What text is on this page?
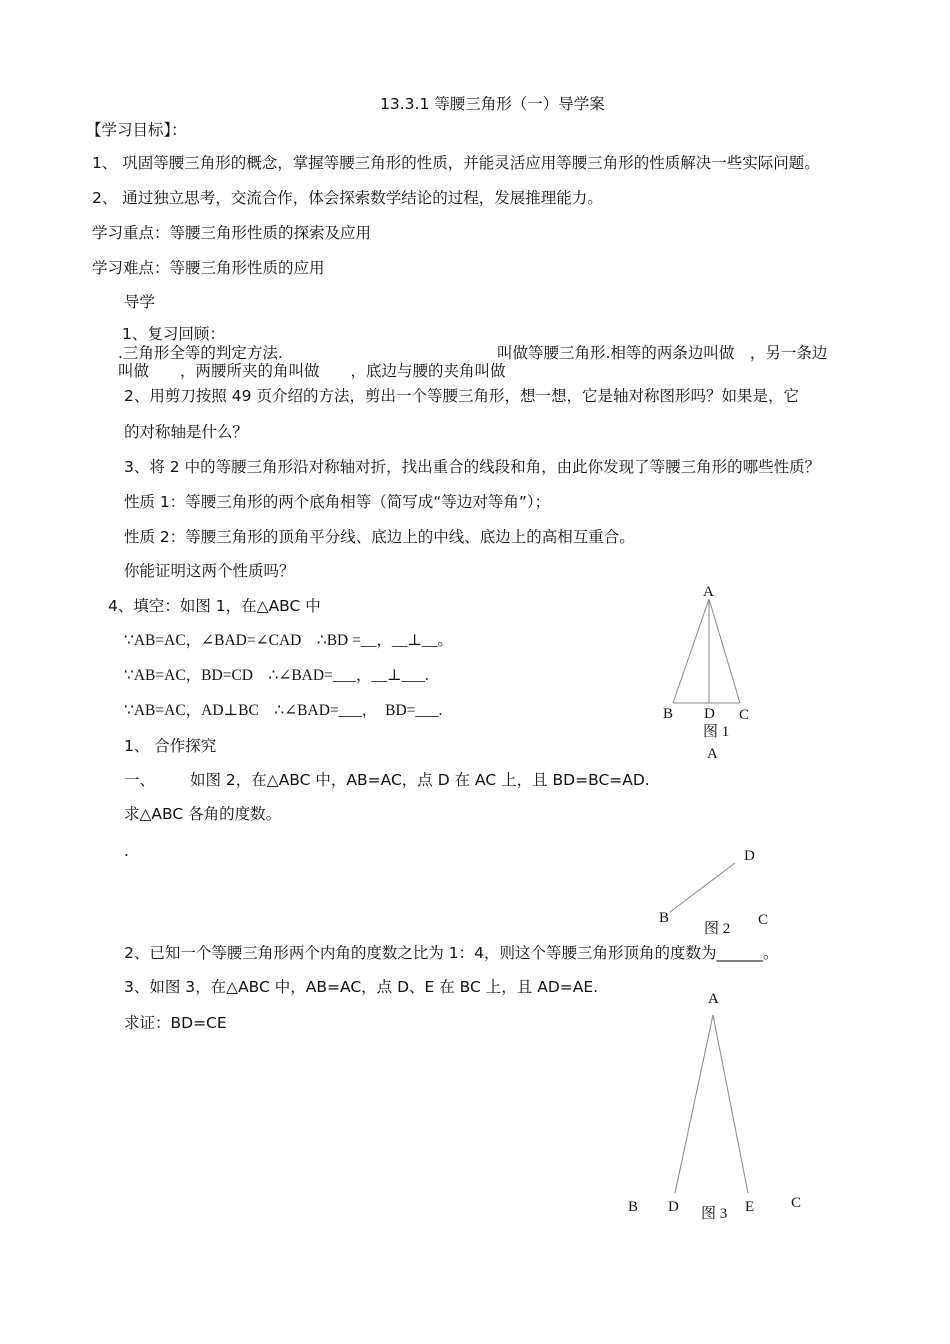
13.3.1 等腰三角形（一）导学案
【学习目标】：
1、 巩固等腰三角形的概念，掌握等腰三角形的性质，并能灵活应用等腰三角形的性质解决一些实际问题。
2、 通过独立思考，交流合作，体会探索数学结论的过程，发展推理能力。
学习重点：等腰三角形性质的探索及应用
学习难点：等腰三角形性质的应用
导学
1、复习回顾：
.三角形全等的判定方法.	叫做等腰三角形.相等的两条边叫做　，另一条边
叫做　　，两腰所夹的角叫做　　，底边与腰的夹角叫做
2、用剪刀按照 49 页介绍的方法，剪出一个等腰三角形，想一想，它是轴对称图形吗？如果是，它
的对称轴是什么？
3、将 2 中的等腰三角形沿对称轴对折，找出重合的线段和角，由此你发现了等腰三角形的哪些性质？
性质 1：等腰三角形的两个底角相等（简写成“等边对等角”）；
性质 2：等腰三角形的顶角平分线、底边上的中线、底边上的高相互重合。
你能证明这两个性质吗？
4、填空：如图 1，在△ABC 中
∵AB=AC，∠BAD=∠CAD　∴BD =__，__⊥__。
∵AB=AC，BD=CD　∴∠BAD=___，__⊥___.
∵AB=AC，AD⊥BC　∴∠BAD=___，　BD=___.
1、 合作探究
一、 如图 2，在△ABC 中，AB=AC，点 D 在 AC 上，且 BD=BC=AD.
求△ABC 各角的度数。
.
2、已知一个等腰三角形两个内角的度数之比为 1：4，则这个等腰三角形顶角的度数为______。
3、如图 3，在△ABC 中，AB=AC，点 D、E 在 BC 上，且 AD=AE.
求证：BD=CE
A
B D C
图 1
A
D
B
图 2
C
A
B D 图 3 E C
